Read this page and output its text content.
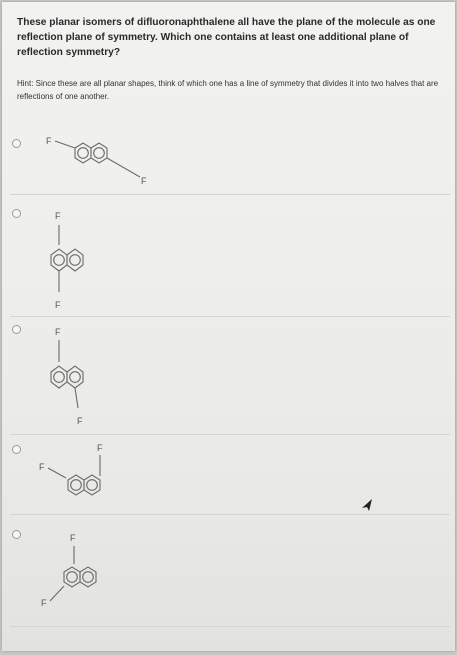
These planar isomers of difluoronaphthalene all have the plane of the molecule as one reflection plane of symmetry. Which one contains at least one additional plane of reflection symmetry?

Hint: Since these are all planar shapes, think of which one has a line of symmetry that divides it into two halves that are reflections of one another.

F
F
F
F
F
F
F
F
F
F
